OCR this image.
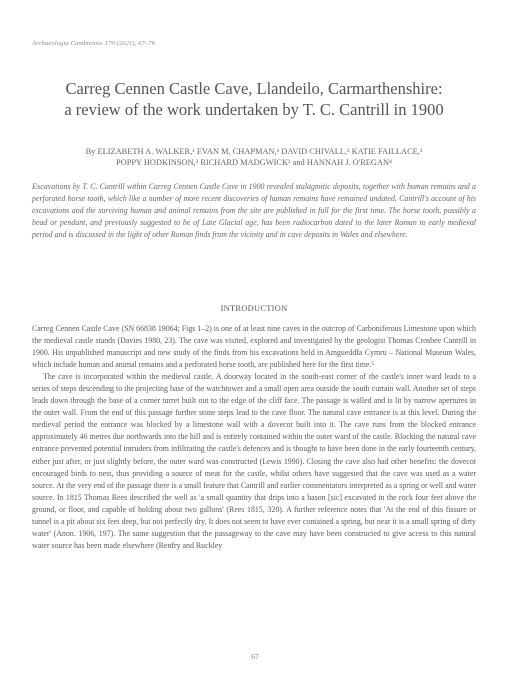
Archaeologia Cambrensis 170 (2021), 67–76
Carreg Cennen Castle Cave, Llandeilo, Carmarthenshire:
a review of the work undertaken by T. C. Cantrill in 1900
By ELIZABETH A. WALKER,¹ EVAN M. CHAPMAN,¹ DAVID CHIVALL,² KATIE FAILLACE,²
POPPY HODKINSON,³ RICHARD MADGWICK³ and HANNAH J. O'REGAN⁴

Excavations by T. C. Cantrill within Carreg Cennen Castle Cave in 1900 revealed stalagmitic deposits, together with human remains and a perforated horse tooth, which like a number of more recent discoveries of human remains have remained undated. Cantrill's account of his excavations and the surviving human and animal remains from the site are published in full for the first time. The horse tooth, possibly a bead or pendant, and previously suggested to be of Late Glacial age, has been radiocarbon dated to the later Roman to early medieval period and is discussed in the light of other Roman finds from the vicinity and in cave deposits in Wales and elsewhere.

INTRODUCTION

Carreg Cennen Castle Cave (SN 66838 19064; Figs 1–2) is one of at least nine caves in the outcrop of Carboniferous Limestone upon which the medieval castle stands (Davies 1980, 23). The cave was visited, explored and investigated by the geologist Thomas Crosbee Cantrill in 1900. His unpublished manuscript and new study of the finds from his excavations held in Amgueddfa Cymru – National Museum Wales, which include human and animal remains and a perforated horse tooth, are published here for the first time.⁵

The cave is incorporated within the medieval castle. A doorway located in the south-east corner of the castle's inner ward leads to a series of steps descending to the projecting base of the watchtower and a small open area outside the south curtain wall. Another set of steps leads down through the base of a corner turret built out to the edge of the cliff face. The passage is walled and is lit by narrow apertures in the outer wall. From the end of this passage further stone steps lead to the cave floor. The natural cave entrance is at this level. During the medieval period the entrance was blocked by a limestone wall with a dovecot built into it. The cave runs from the blocked entrance approximately 46 metres due northwards into the hill and is entirely contained within the outer ward of the castle. Blocking the natural cave entrance prevented potential intruders from infiltrating the castle's defences and is thought to have been done in the early fourteenth century, either just after, or just slightly before, the outer ward was constructed (Lewis 1990). Closing the cave also had other benefits: the dovecot encouraged birds to nest, thus providing a source of meat for the castle, whilst others have suggested that the cave was used as a water source. At the very end of the passage there is a small feature that Cantrill and earlier commentators interpreted as a spring or well and water source. In 1815 Thomas Rees described the well as 'a small quantity that drips into a bason [sic] excavated in the rock four feet above the ground, or floor, and capable of holding about two gallons' (Rees 1815, 320). A further reference notes that 'At the end of this fissure or tunnel is a pit about six feet deep, but not perfectly dry. It does not seem to have ever contained a spring, but near it is a small spring of dirty water' (Anon. 1906, 197). The same suggestion that the passageway to the cave may have been constructed to give access to this natural water source has been made elsewhere (Renfry and Ruckley

67
